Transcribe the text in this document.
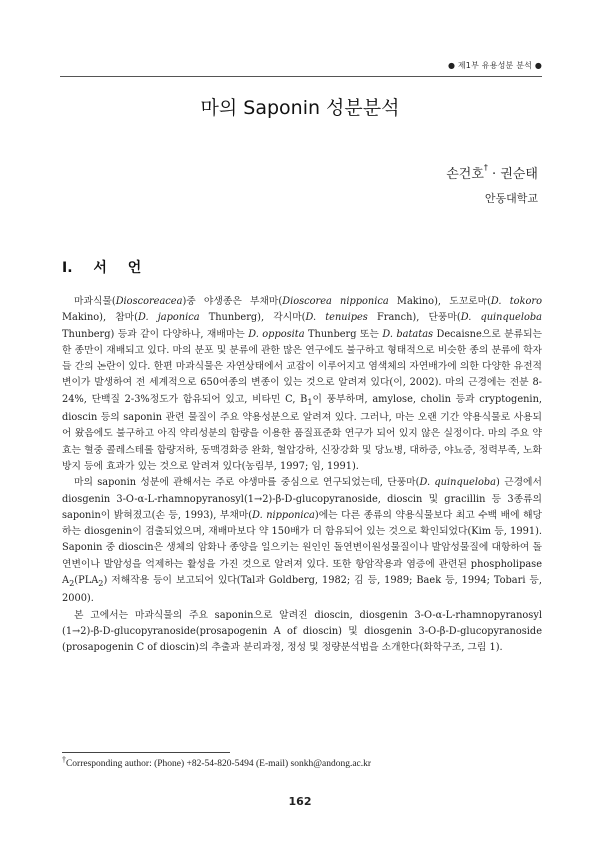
● 제1부 유용성분 분석 ●
마의 Saponin 성분분석
손건호† · 권순태
안동대학교
I. 서 언

마과식물(Dioscoreacea)중 야생종은 부채마(Dioscorea nipponica Makino), 도꼬로마(D. tokoro Makino), 참마(D. japonica Thunberg), 각시마(D. tenuipes Franch), 단풍마(D. quinqueloba Thunberg) 등과 같이 다양하나, 재배마는 D. opposita Thunberg 또는 D. batatas Decaisne으로 분류되는 한 종만이 재배되고 있다. 마의 분포 및 분류에 관한 많은 연구에도 불구하고 형태적으로 비슷한 종의 분류에 학자들 간의 논란이 있다. 한편 마과식물은 자연상태에서 교잡이 이루어지고 염색체의 자연배가에 의한 다양한 유전적 변이가 발생하여 전 세계적으로 650여종의 변종이 있는 것으로 알려져 있다(이, 2002). 마의 근경에는 전분 8-24%, 단백질 2-3%정도가 함유되어 있고, 비타민 C, $B_1$이 풍부하며, amylose, cholin 등과 cryptogenin, dioscin 등의 saponin 관련 물질이 주요 약용성분으로 알려져 있다. 그러나, 마는 오랜 기간 약용식물로 사용되어 왔음에도 불구하고 아직 약리성분의 함량을 이용한 품질표준화 연구가 되어 있지 않은 실정이다. 마의 주요 약효는 혈중 콜레스테롤 함량저하, 동맥경화증 완화, 혈압강하, 신장강화 및 당뇨병, 대하증, 야뇨증, 정력부족, 노화방지 등에 효과가 있는 것으로 알려져 있다(농림부, 1997; 임, 1991).

마의 saponin 성분에 관해서는 주로 야생마를 중심으로 연구되었는데, 단풍마(D. quinqueloba) 근경에서 diosgenin 3-O-α-L-rhamnopyranosyl(1→2)-β-D-glucopyranoside, dioscin 및 gracillin 등 3종류의 saponin이 밝혀졌고(손 등, 1993), 부채마(D. nipponica)에는 다른 종류의 약용식물보다 최고 수백 배에 해당하는 diosgenin이 검출되었으며, 재배마보다 약 150배가 더 함유되어 있는 것으로 확인되었다(Kim 등, 1991). Saponin 중 dioscin은 생체의 암화나 종양을 일으키는 원인인 돌연변이원성물질이나 발암성물질에 대항하여 돌연변이나 발암성을 억제하는 활성을 가진 것으로 알려져 있다. 또한 항암작용과 염증에 관련된 phospholipase $A_2(PLA_2)$ 저해작용 등이 보고되어 있다(Tal과 Goldberg, 1982; 김 등, 1989; Baek 등, 1994; Tobari 등, 2000).

본 고에서는 마과식물의 주요 saponin으로 알려진 dioscin, diosgenin 3-O-α-L-rhamnopyranosyl (1→2)-β-D-glucopyranoside(prosapogenin A of dioscin) 및 diosgenin 3-O-β-D-glucopyranoside (prosapogenin C of dioscin)의 추출과 분리과정, 정성 및 정량분석법을 소개한다(화학구조, 그림 1).

†Corresponding author: (Phone) +82-54-820-5494 (E-mail) sonkh@andong.ac.kr
162
